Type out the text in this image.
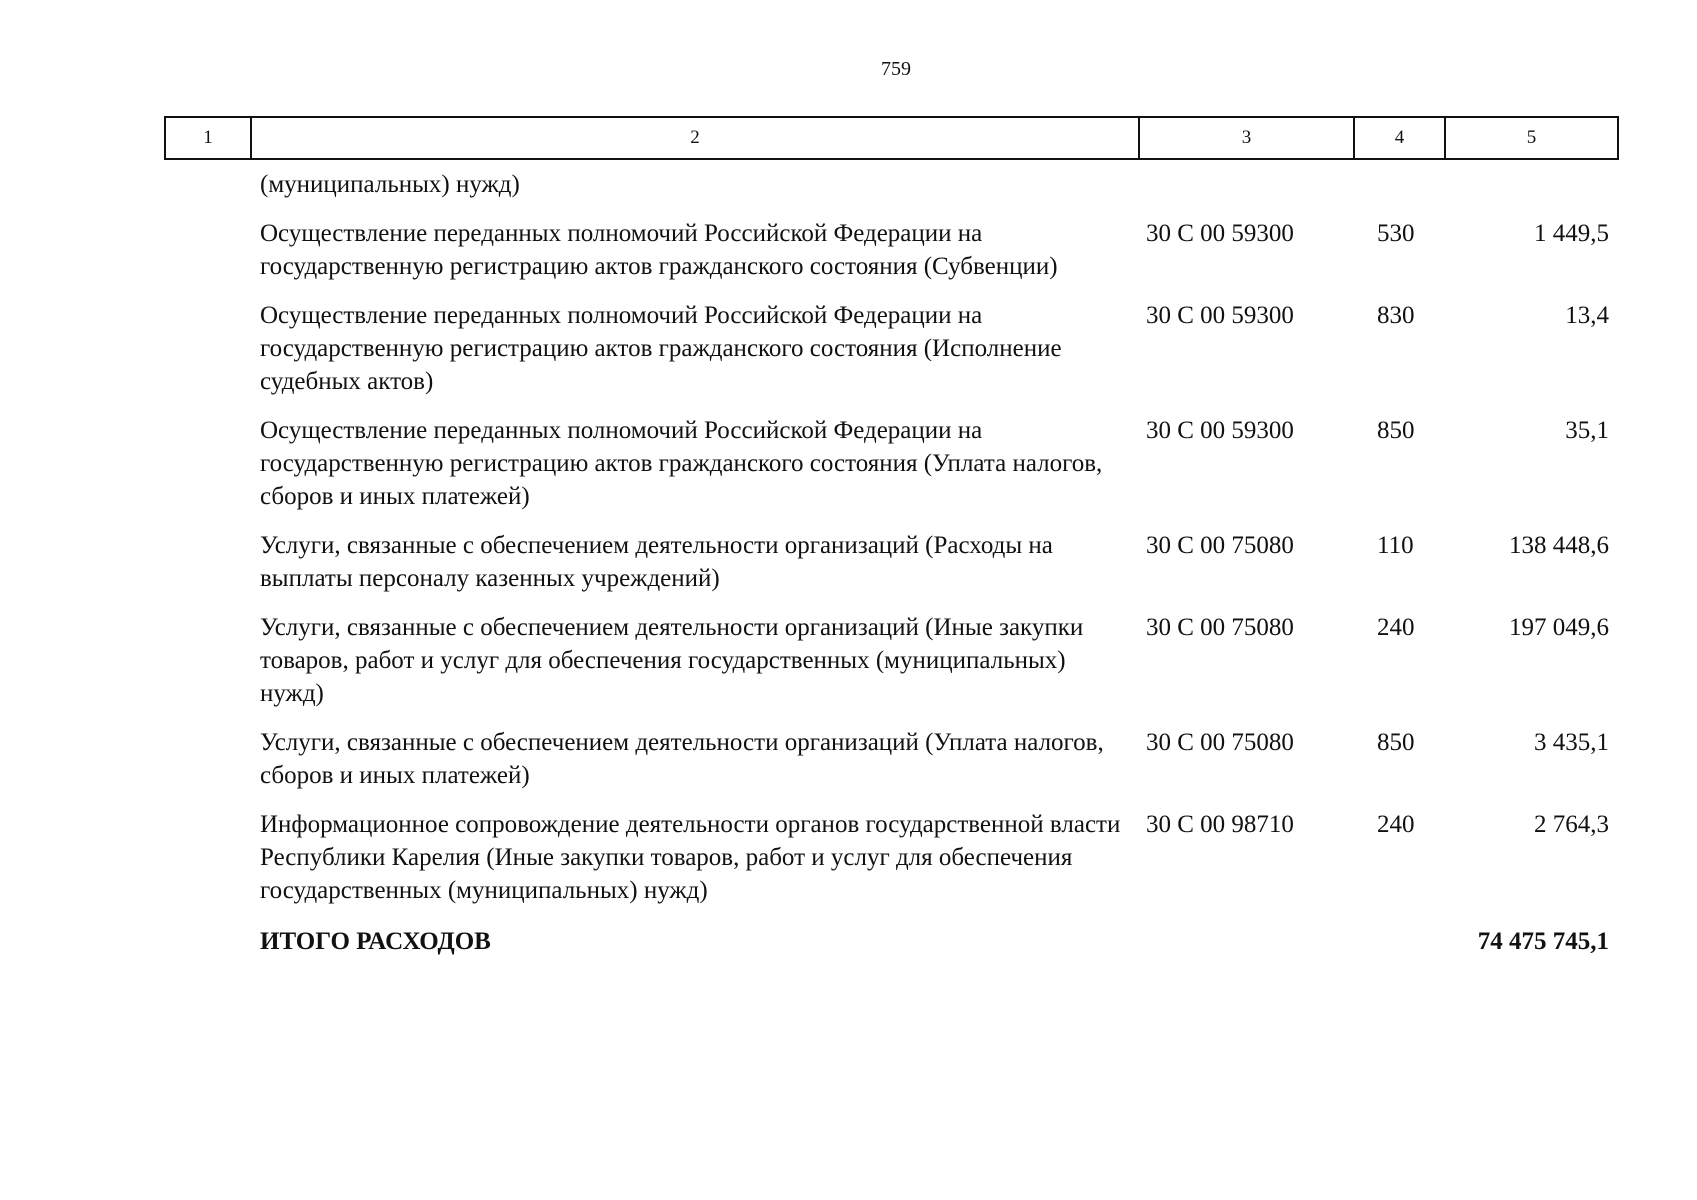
759
1	2	3	4	5
	(муниципальных) нужд)			
	Осуществление переданных полномочий Российской Федерации на государственную регистрацию актов гражданского состояния (Субвенции)	30 С 00 59300	530	1 449,5
	Осуществление переданных полномочий Российской Федерации на государственную регистрацию актов гражданского состояния (Исполнение судебных актов)	30 С 00 59300	830	13,4
	Осуществление переданных полномочий Российской Федерации на государственную регистрацию актов гражданского состояния (Уплата налогов, сборов и иных платежей)	30 С 00 59300	850	35,1
	Услуги, связанные с обеспечением деятельности организаций (Расходы на выплаты персоналу казенных учреждений)	30 С 00 75080	110	138 448,6
	Услуги, связанные с обеспечением деятельности организаций (Иные закупки товаров, работ и услуг для обеспечения государственных (муниципальных) нужд)	30 С 00 75080	240	197 049,6
	Услуги, связанные с обеспечением деятельности организаций (Уплата налогов, сборов и иных платежей)	30 С 00 75080	850	3 435,1
	Информационное сопровождение деятельности органов государственной власти Республики Карелия (Иные закупки товаров, работ и услуг для обеспечения государственных (муниципальных) нужд)	30 С 00 98710	240	2 764,3
	ИТОГО РАСХОДОВ			74 475 745,1
